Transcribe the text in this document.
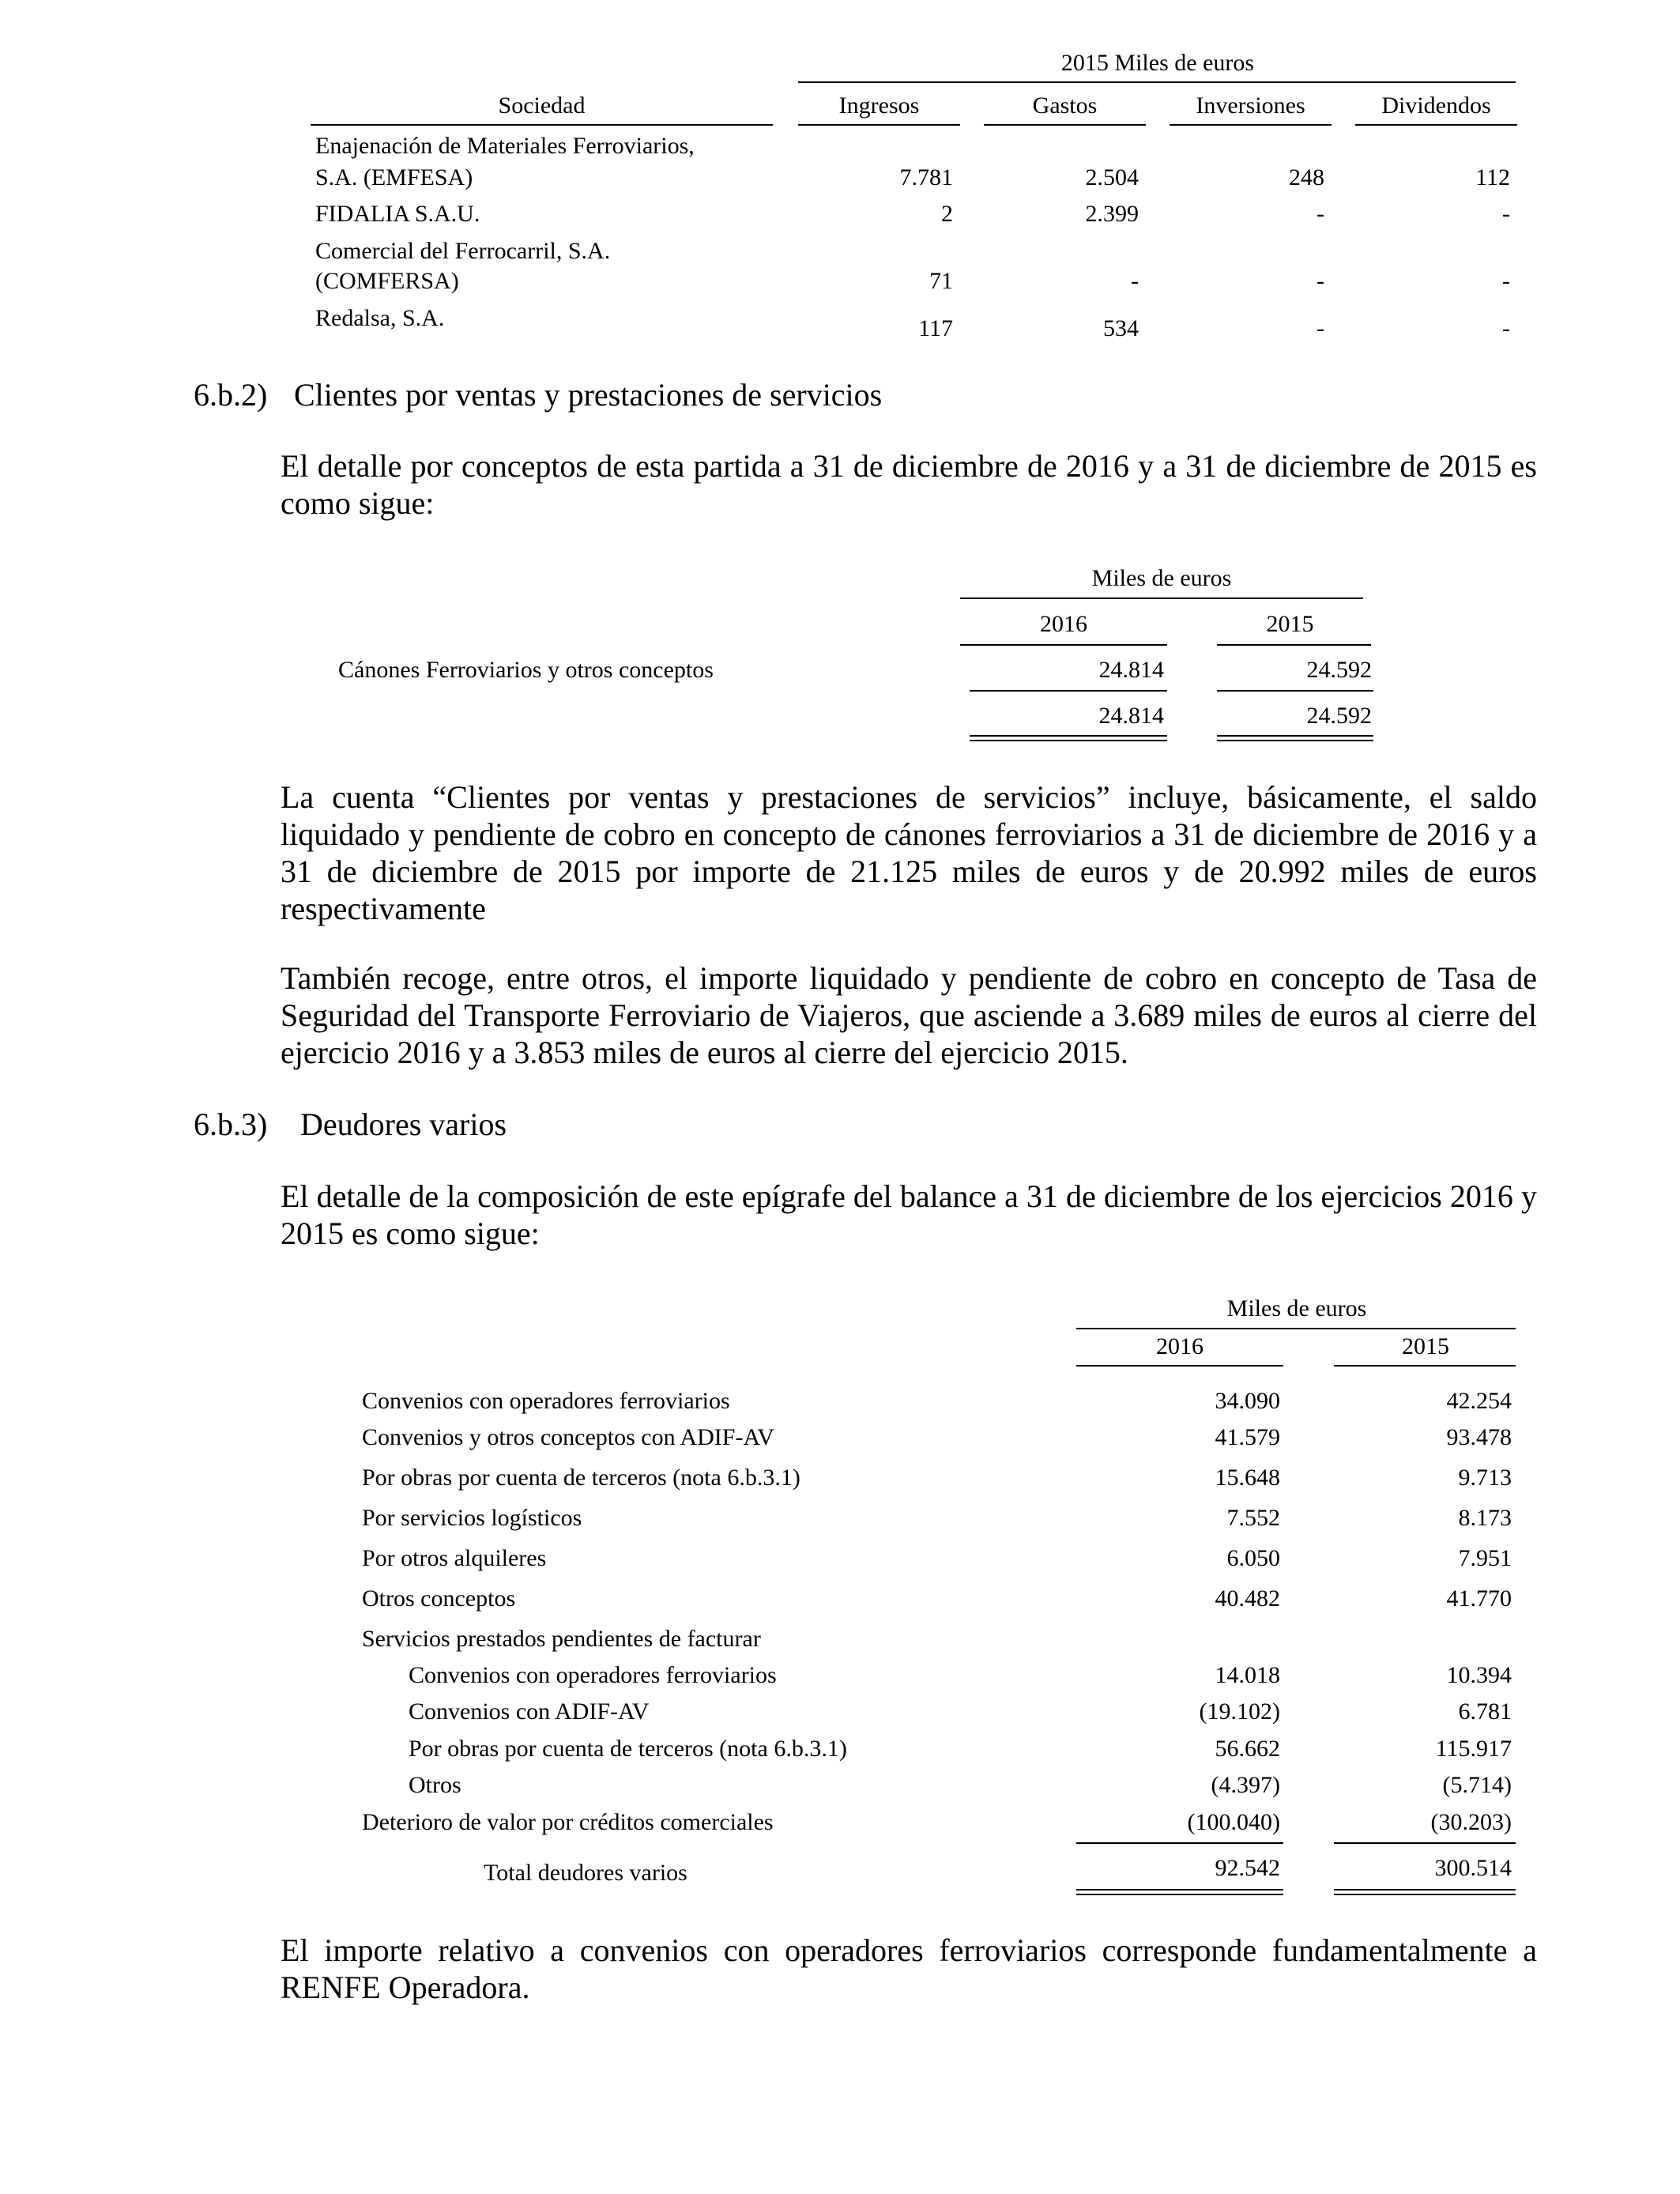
2015 Miles de euros
Sociedad	Ingresos	Gastos	Inversiones	Dividendos
Enajenación de Materiales Ferroviarios,
S.A. (EMFESA)	7.781	2.504	248	112
FIDALIA S.A.U.	2	2.399	-	-
Comercial del Ferrocarril, S.A.
(COMFERSA)	71	-	-	-
Redalsa, S.A.	117	534	-	-
6.b.2) Clientes por ventas y prestaciones de servicios
El detalle por conceptos de esta partida a 31 de diciembre de 2016 y a 31 de diciembre de 2015 es como sigue:
Miles de euros
2016	2015
Cánones Ferroviarios y otros conceptos	24.814	24.592
24.814	24.592
La cuenta “Clientes por ventas y prestaciones de servicios” incluye, básicamente, el saldo liquidado y pendiente de cobro en concepto de cánones ferroviarios a 31 de diciembre de 2016 y a 31 de diciembre de 2015 por importe de 21.125 miles de euros y de 20.992 miles de euros respectivamente
También recoge, entre otros, el importe liquidado y pendiente de cobro en concepto de Tasa de Seguridad del Transporte Ferroviario de Viajeros, que asciende a 3.689 miles de euros al cierre del ejercicio 2016 y a 3.853 miles de euros al cierre del ejercicio 2015.
6.b.3) Deudores varios
El detalle de la composición de este epígrafe del balance a 31 de diciembre de los ejercicios 2016 y 2015 es como sigue:
Miles de euros
2016	2015
Convenios con operadores ferroviarios	34.090	42.254
Convenios y otros conceptos con ADIF-AV	41.579	93.478
Por obras por cuenta de terceros (nota 6.b.3.1)	15.648	9.713
Por servicios logísticos	7.552	8.173
Por otros alquileres	6.050	7.951
Otros conceptos	40.482	41.770
Servicios prestados pendientes de facturar
Convenios con operadores ferroviarios	14.018	10.394
Convenios con ADIF-AV	(19.102)	6.781
Por obras por cuenta de terceros (nota 6.b.3.1)	56.662	115.917
Otros	(4.397)	(5.714)
Deterioro de valor por créditos comerciales	(100.040)	(30.203)
Total deudores varios	92.542	300.514
El importe relativo a convenios con operadores ferroviarios corresponde fundamentalmente a RENFE Operadora.
